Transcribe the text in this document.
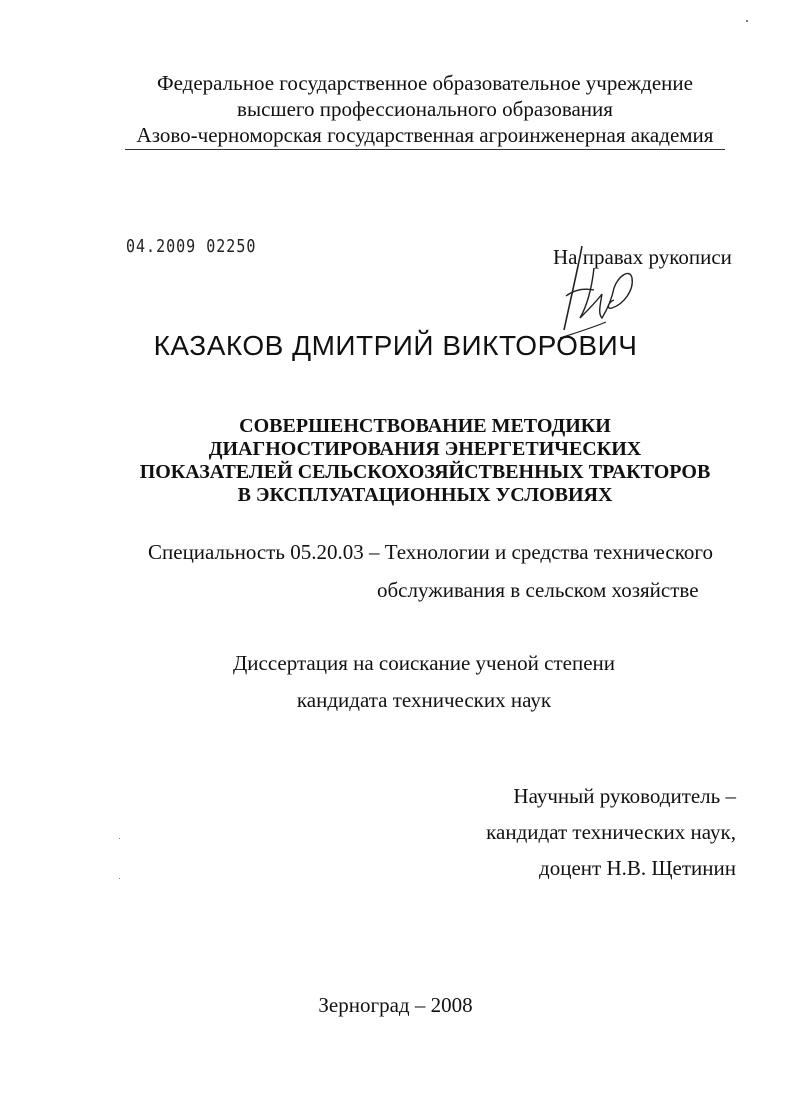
Федеральное государственное образовательное учреждение
высшего профессионального образования
Азово-черноморская государственная агроинженерная академия
04.2009 02250	На правах рукописи
КАЗАКОВ ДМИТРИЙ ВИКТОРОВИЧ
СОВЕРШЕНСТВОВАНИЕ МЕТОДИКИ
ДИАГНОСТИРОВАНИЯ ЭНЕРГЕТИЧЕСКИХ
ПОКАЗАТЕЛЕЙ СЕЛЬСКОХОЗЯЙСТВЕННЫХ ТРАКТОРОВ
В ЭКСПЛУАТАЦИОННЫХ УСЛОВИЯХ
Специальность 05.20.03 – Технологии и средства технического
обслуживания в сельском хозяйстве
Диссертация на соискание ученой степени
кандидата технических наук
Научный руководитель –
кандидат технических наук,
доцент Н.В. Щетинин
Зерноград – 2008
